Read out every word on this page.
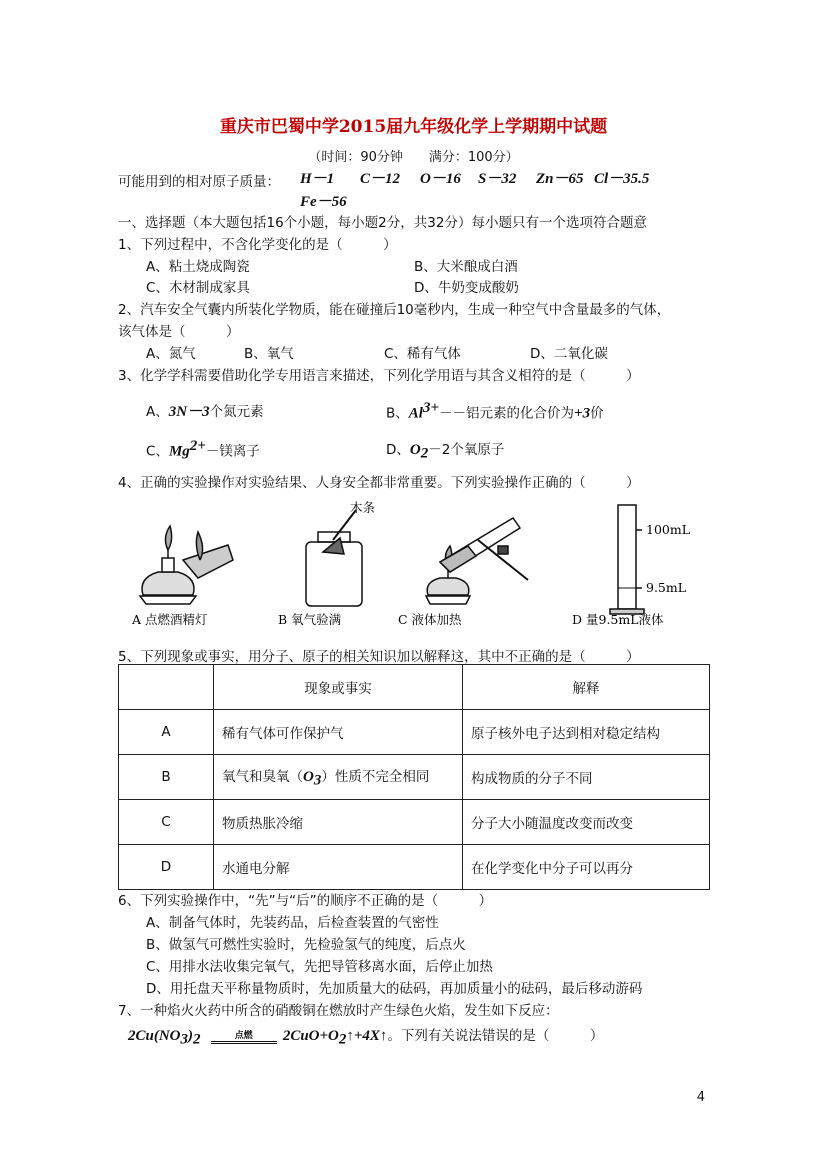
重庆市巴蜀中学2015届九年级化学上学期期中试题
（时间：90分钟　　满分：100分）
可能用到的相对原子质量： H－1 C－12 O－16 S－32 Zn－65 Cl－35.5
Fe－56
一、选择题（本大题包括16个小题，每小题2分，共32分）每小题只有一个选项符合题意
1、下列过程中，不含化学变化的是（　　　）
A、粘土烧成陶瓷	B、大米酿成白酒
C、木材制成家具	D、牛奶变成酸奶
2、汽车安全气囊内所装化学物质，能在碰撞后10毫秒内，生成一种空气中含量最多的气体，
该气体是（　　　）
A、氮气	B、氧气	C、稀有气体	D、二氧化碳
3、化学学科需要借助化学专用语言来描述，下列化学用语与其含义相符的是（　　　）
A、3N－3个氮元素	B、$Al^{3+}--$铝元素的化合价为+3价
C、$Mg^{2+}-$镁离子	D、$O_2-2$个氧原子
4、正确的实验操作对实验结果、人身安全都非常重要。下列实验操作正确的（　　　）
100mL
9.5mL
木条
A 点燃酒精灯	B 氧气验满	C 液体加热	D 量9.5mL液体
5、下列现象或事实，用分子、原子的相关知识加以解释这，其中不正确的是（　　　）
	现象或事实	解释
A	稀有气体可作保护气	原子核外电子达到相对稳定结构
B	氧气和臭氧$(O_3)$性质不完全相同	构成物质的分子不同
C	物质热胀冷缩	分子大小随温度改变而改变
D	水通电分解	在化学变化中分子可以再分
6、下列实验操作中，“先”与“后”的顺序不正确的是（　　　）
A、制备气体时，先装药品，后检查装置的气密性
B、做氢气可燃性实验时，先检验氢气的纯度，后点火
C、用排水法收集完氧气，先把导管移离水面，后停止加热
D、用托盘天平称量物质时，先加质量大的砝码，再加质量小的砝码，最后移动游码
7、一种焰火火药中所含的硝酸铜在燃放时产生绿色火焰，发生如下反应：
$2Cu(NO_3)_2$	点燃 $2CuO+O_2↑+4X↑$。下列有关说法错误的是（　　　）
4
